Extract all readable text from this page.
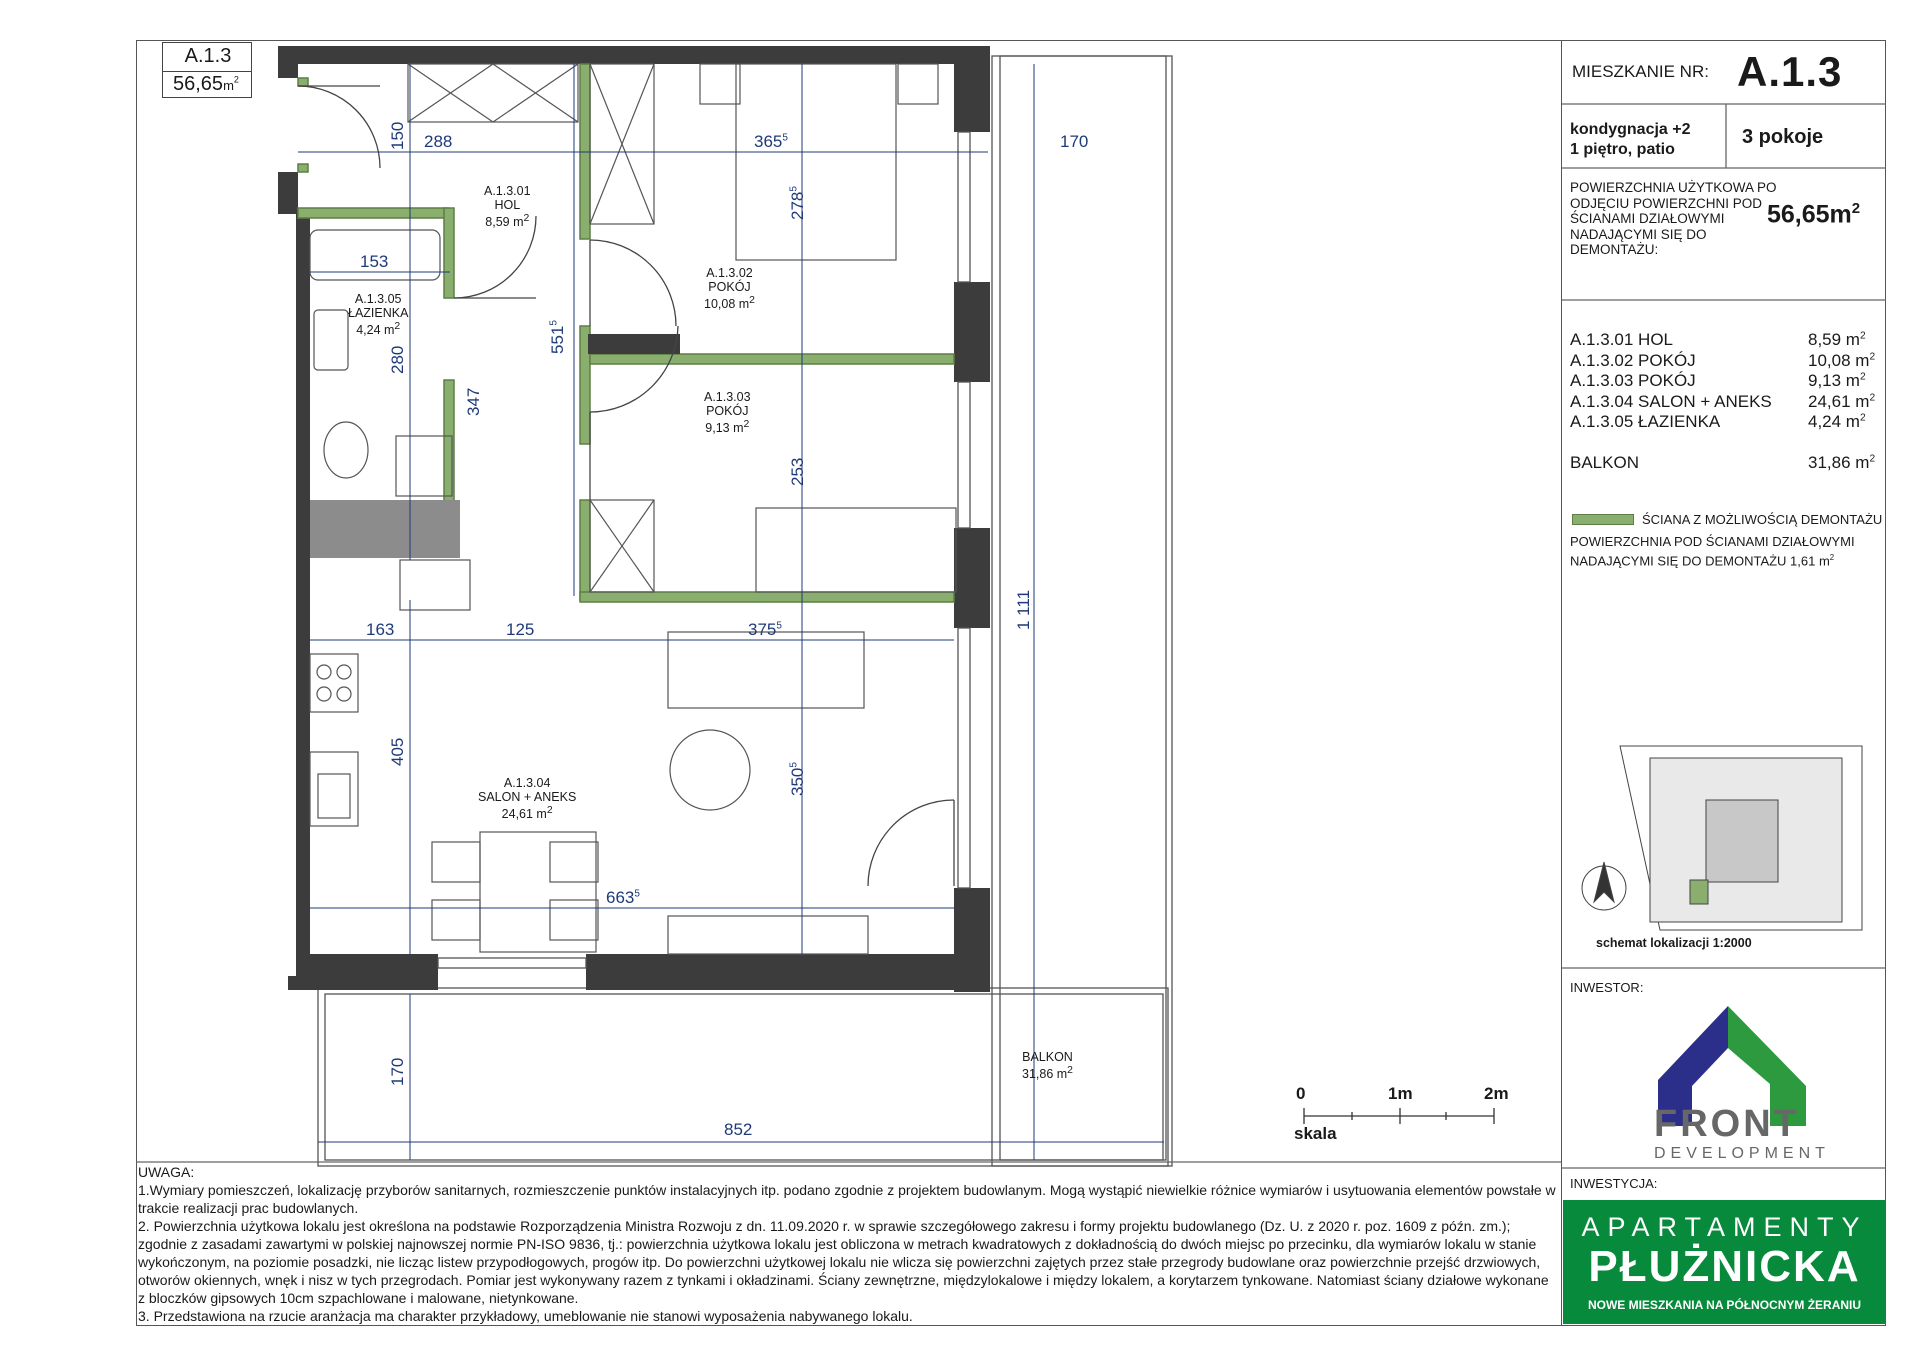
A.1.3
$56,65m^2$
A.1.3.01
HOL
8,59 $m^2$
A.1.3.02
POKÓJ
10,08 $m^2$
A.1.3.03
POKÓJ
9,13 $m^2$
A.1.3.05
ŁAZIENKA
4,24 $m^2$
A.1.3.04
SALON + ANEKS
24,61 $m^2$
BALKON
31,86 $m^2$
288	$365^5$	170
150
$278^5$
153
$551^5$
280
347
253
163	125	$375^5$	1 111
405
$350^5$
$663^5$
170
852
0	1m	2m
skala
MIESZKANIE NR: A.1.3
kondygnacja +2
1 piętro, patio
3 pokoje
POWIERZCHNIA UŻYTKOWA PO ODJĘCIU POWIERZCHNI POD ŚCIANAMI DZIAŁOWYMI NADAJĄCYMI SIĘ DO DEMONTAŻU:
$56,65m^2$
A.1.3.01 HOL	8,59 $m^2$
A.1.3.02 POKÓJ	10,08 $m^2$
A.1.3.03 POKÓJ	9,13 $m^2$
A.1.3.04 SALON + ANEKS 24,61 $m^2$
A.1.3.05 ŁAZIENKA	4,24 $m^2$
BALKON	31,86 $m^2$
ŚCIANA Z MOŻLIWOŚCIĄ DEMONTAŻU
POWIERZCHNIA POD ŚCIANAMI DZIAŁOWYMI NADAJĄCYMI SIĘ DO DEMONTAŻU 1,61 $m^2$
schemat lokalizacji 1:2000
INWESTOR:
FRONT
DEVELOPMENT
INWESTYCJA:
APARTAMENTY
PŁUŻNICKA
NOWE MIESZKANIA NA PÓŁNOCNYM ŻERANIU

UWAGA:

1.Wymiary pomieszczeń, lokalizację przyborów sanitarnych, rozmieszczenie punktów instalacyjnych itp. podano zgodnie z projektem budowlanym. Mogą wystąpić niewielkie różnice wymiarów i usytuowania elementów powstałe w trakcie realizacji prac budowlanych.

2. Powierzchnia użytkowa lokalu jest określona na podstawie Rozporządzenia Ministra Rozwoju z dn. 11.09.2020 r. w sprawie szczegółowego zakresu i formy projektu budowlanego (Dz. U. z 2020 r. poz. 1609 z późn. zm.); zgodnie z zasadami zawartymi w polskiej najnowszej normie PN-ISO 9836, tj.: powierzchnia użytkowa lokalu jest obliczona w metrach kwadratowych z dokładnością do dwóch miejsc po przecinku, dla wymiarów lokalu w stanie wykończonym, na poziomie posadzki, nie licząc listew przypodłogowych, progów itp. Do powierzchni użytkowej lokalu nie wlicza się powierzchni zajętych przez stałe przegrody budowlane oraz powierzchnie przejść drzwiowych, otworów okiennych, wnęk i nisz w tych przegrodach. Pomiar jest wykonywany razem z tynkami i okładzinami. Ściany zewnętrzne, międzylokalowe i między lokalem, a korytarzem tynkowane. Natomiast ściany działowe wykonane z bloczków gipsowych 10cm szpachlowane i malowane, nietynkowane.

3. Przedstawiona na rzucie aranżacja ma charakter przykładowy, umeblowanie nie stanowi wyposażenia nabywanego lokalu.
